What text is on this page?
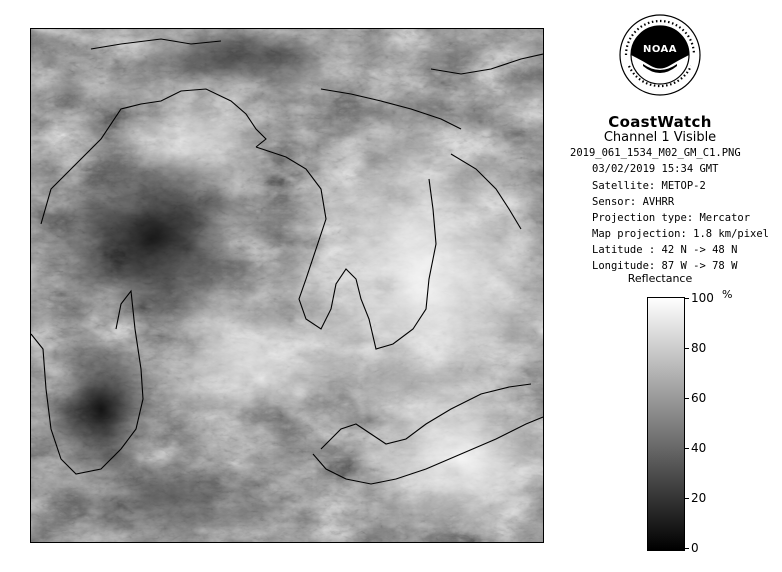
NOAA
CoastWatch
Channel 1 Visible
2019_061_1534_M02_GM_C1.PNG
03/02/2019 15:34 GMT
Satellite: METOP-2
Sensor: AVHRR
Projection type: Mercator
Map projection: 1.8 km/pixel
Latitude : 42 N -> 48 N
Longitude: 87 W -> 78 W
Reflectance
%
100
80
60
40
20
0
